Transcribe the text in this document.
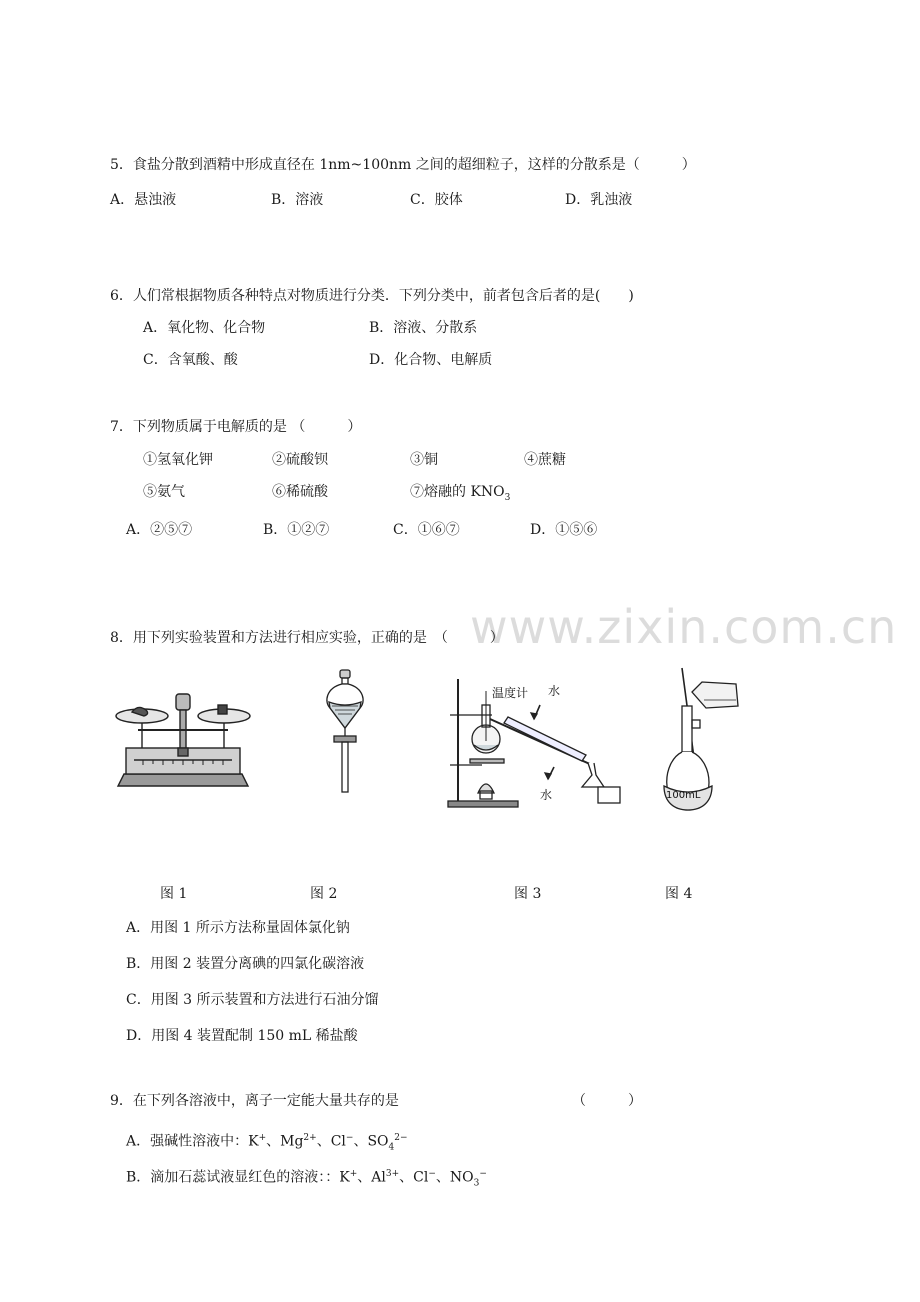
www.zixin.com.cn
5．食盐分散到酒精中形成直径在 1nm~100nm 之间的超细粒子，这样的分散系是（　　　）
A．悬浊液	B．溶液	C．胶体	D．乳浊液
6．人们常根据物质各种特点对物质进行分类．下列分类中，前者包含后者的是(　　)
A．氧化物、化合物	B．溶液、分散系
C．含氧酸、酸	D．化合物、电解质
7．下列物质属于电解质的是 （　　　）
①氢氧化钾	②硫酸钡	③铜	④蔗糖
⑤氨气	⑥稀硫酸	⑦熔融的 $KNO_3$
A．②⑤⑦	B．①②⑦	C．①⑥⑦	D．①⑤⑥
8．用下列实验装置和方法进行相应实验，正确的是　（　　　）
温度计 水
水	100mL
图 1	图 2	图 3	图 4
A．用图 1 所示方法称量固体氯化钠
B．用图 2 装置分离碘的四氯化碳溶液
C．用图 3 所示装置和方法进行石油分馏
D．用图 4 装置配制 150 mL 稀盐酸
9．在下列各溶液中，离子一定能大量共存的是	（　　　）
A．强碱性溶液中：K+、$Mg^{2+}$、Cl−、$SO_4^{2-}$
B．滴加石蕊试液显红色的溶液：：K+、$Al^{3+}$、Cl−、$NO_3^-$
